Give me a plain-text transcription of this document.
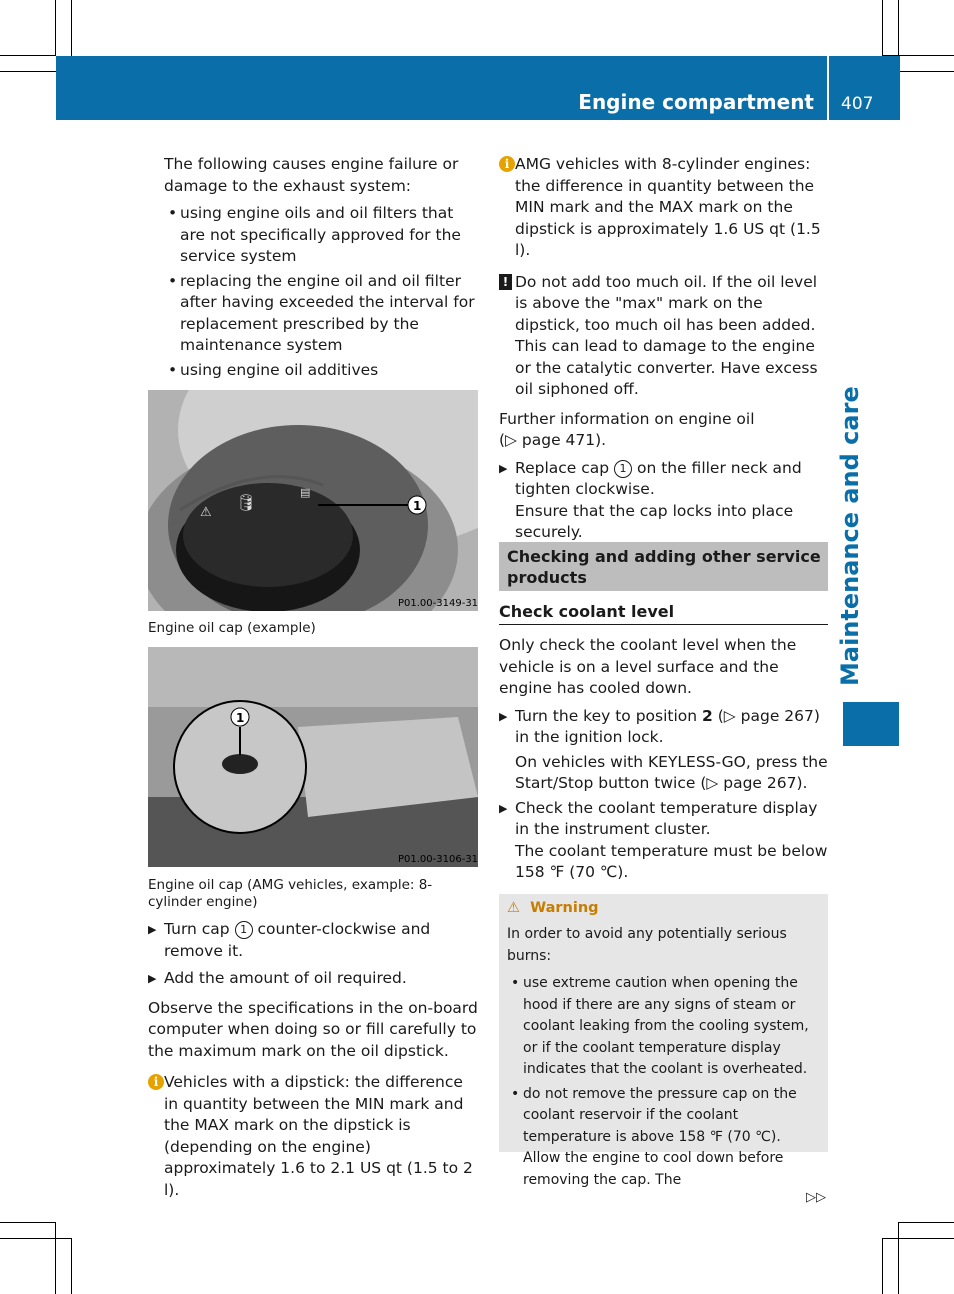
Engine compartment 407
Maintenance and care

The following causes engine failure or damage to the exhaust system:

• using engine oils and oil filters that are not specifically approved for the service system

• replacing the engine oil and oil filter after having exceeded the interval for replacement prescribed by the maintenance system

• using engine oil additives

⚠
🛢
▤
1
P01.00-3149-31
Engine oil cap (example)
1
P01.00-3106-31
Engine oil cap (AMG vehicles, example: 8-cylinder engine)

▶ Turn cap 1 counter-clockwise and remove it.

▶ Add the amount of oil required.

Observe the specifications in the on-board computer when doing so or fill carefully to the maximum mark on the oil dipstick.

i Vehicles with a dipstick: the difference in quantity between the MIN mark and the MAX mark on the dipstick is (depending on the engine) approximately 1.6 to 2.1 US qt (1.5 to 2 l).

i AMG vehicles with 8-cylinder engines: the difference in quantity between the MIN mark and the MAX mark on the dipstick is approximately 1.6 US qt (1.5 l).

! Do not add too much oil. If the oil level is above the "max" mark on the dipstick, too much oil has been added. This can lead to damage to the engine or the catalytic converter. Have excess oil siphoned off.

Further information on engine oil

(▷ page 471).

▶ Replace cap 1 on the filler neck and tighten clockwise.

Ensure that the cap locks into place securely.

Checking and adding other service products
Check coolant level

Only check the coolant level when the vehicle is on a level surface and the engine has cooled down.

▶ Turn the key to position 2 (▷ page 267) in the ignition lock.

On vehicles with KEYLESS-GO, press the Start/Stop button twice (▷ page 267).

▶ Check the coolant temperature display in the instrument cluster.

The coolant temperature must be below 158 ℉ (70 ℃).

⚠ Warning

In order to avoid any potentially serious burns:

• use extreme caution when opening the hood if there are any signs of steam or coolant leaking from the cooling system, or if the coolant temperature display indicates that the coolant is overheated.

• do not remove the pressure cap on the coolant reservoir if the coolant temperature is above 158 ℉ (70 ℃). Allow the engine to cool down before removing the cap. The

▷▷
